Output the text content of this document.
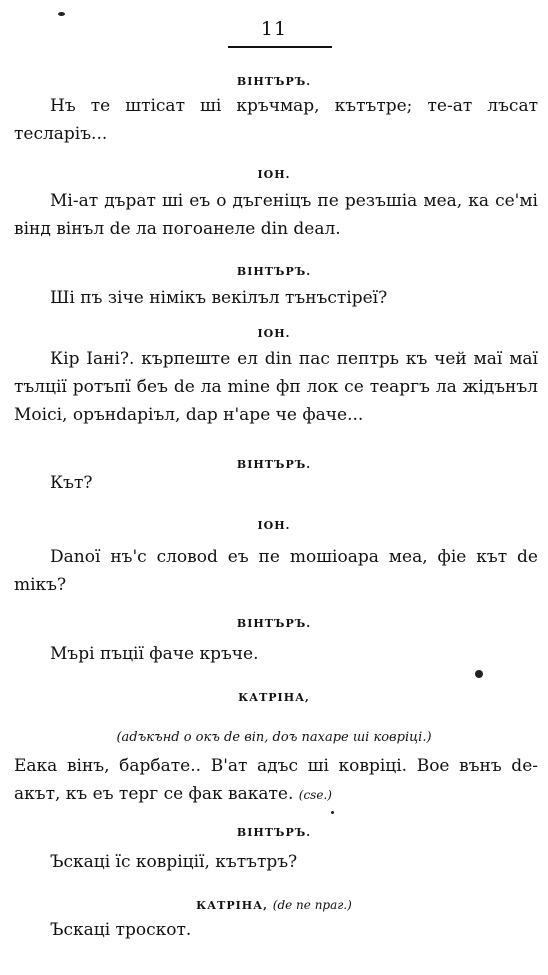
11
ВІНТЪРЪ.
Нъ те штісат ші кръчмар, кътътре; те-ат лъсат тесларіъ...
ІОН.
Мі-ат дърат ші еъ о дъгеніцъ пе резъшіа меа, ка се'мі вінд вінъл de ла погоанеле din deал.
ВІНТЪРЪ.
Ші пъ зіче німікъ векілъл тънъстіреї?
ІОН.
Кір Іані?. кърпеште ел din пас пептрь къ чей маї маї тълції ротъпї беъ de ла mine фп лок се теаргъ ла жідънъл Моісі, орънdаріъл, dар н'аре че фаче...
ВІНТЪРЪ.
Кът?
ІОН.
Danої нъ'с словоd еъ пе mошіоара меа, фіе кът de mікъ?
ВІНТЪРЪ.
Мърі пъції фаче кръче.
КАТРІНА,
(adъкънd о окъ de віп, doъ пахаре ші ковріці.)
Еака вінъ, барбате.. В'ат адъс ші ковріці. Вое вънъ de-акът, къ еъ терг се фак вакате. (cse.)
ВІНТЪРЪ.
Ъскаці їс ковріції, кътътръ?
КАТРІНА, (de пе праг.)
Ъскаці троскот.
